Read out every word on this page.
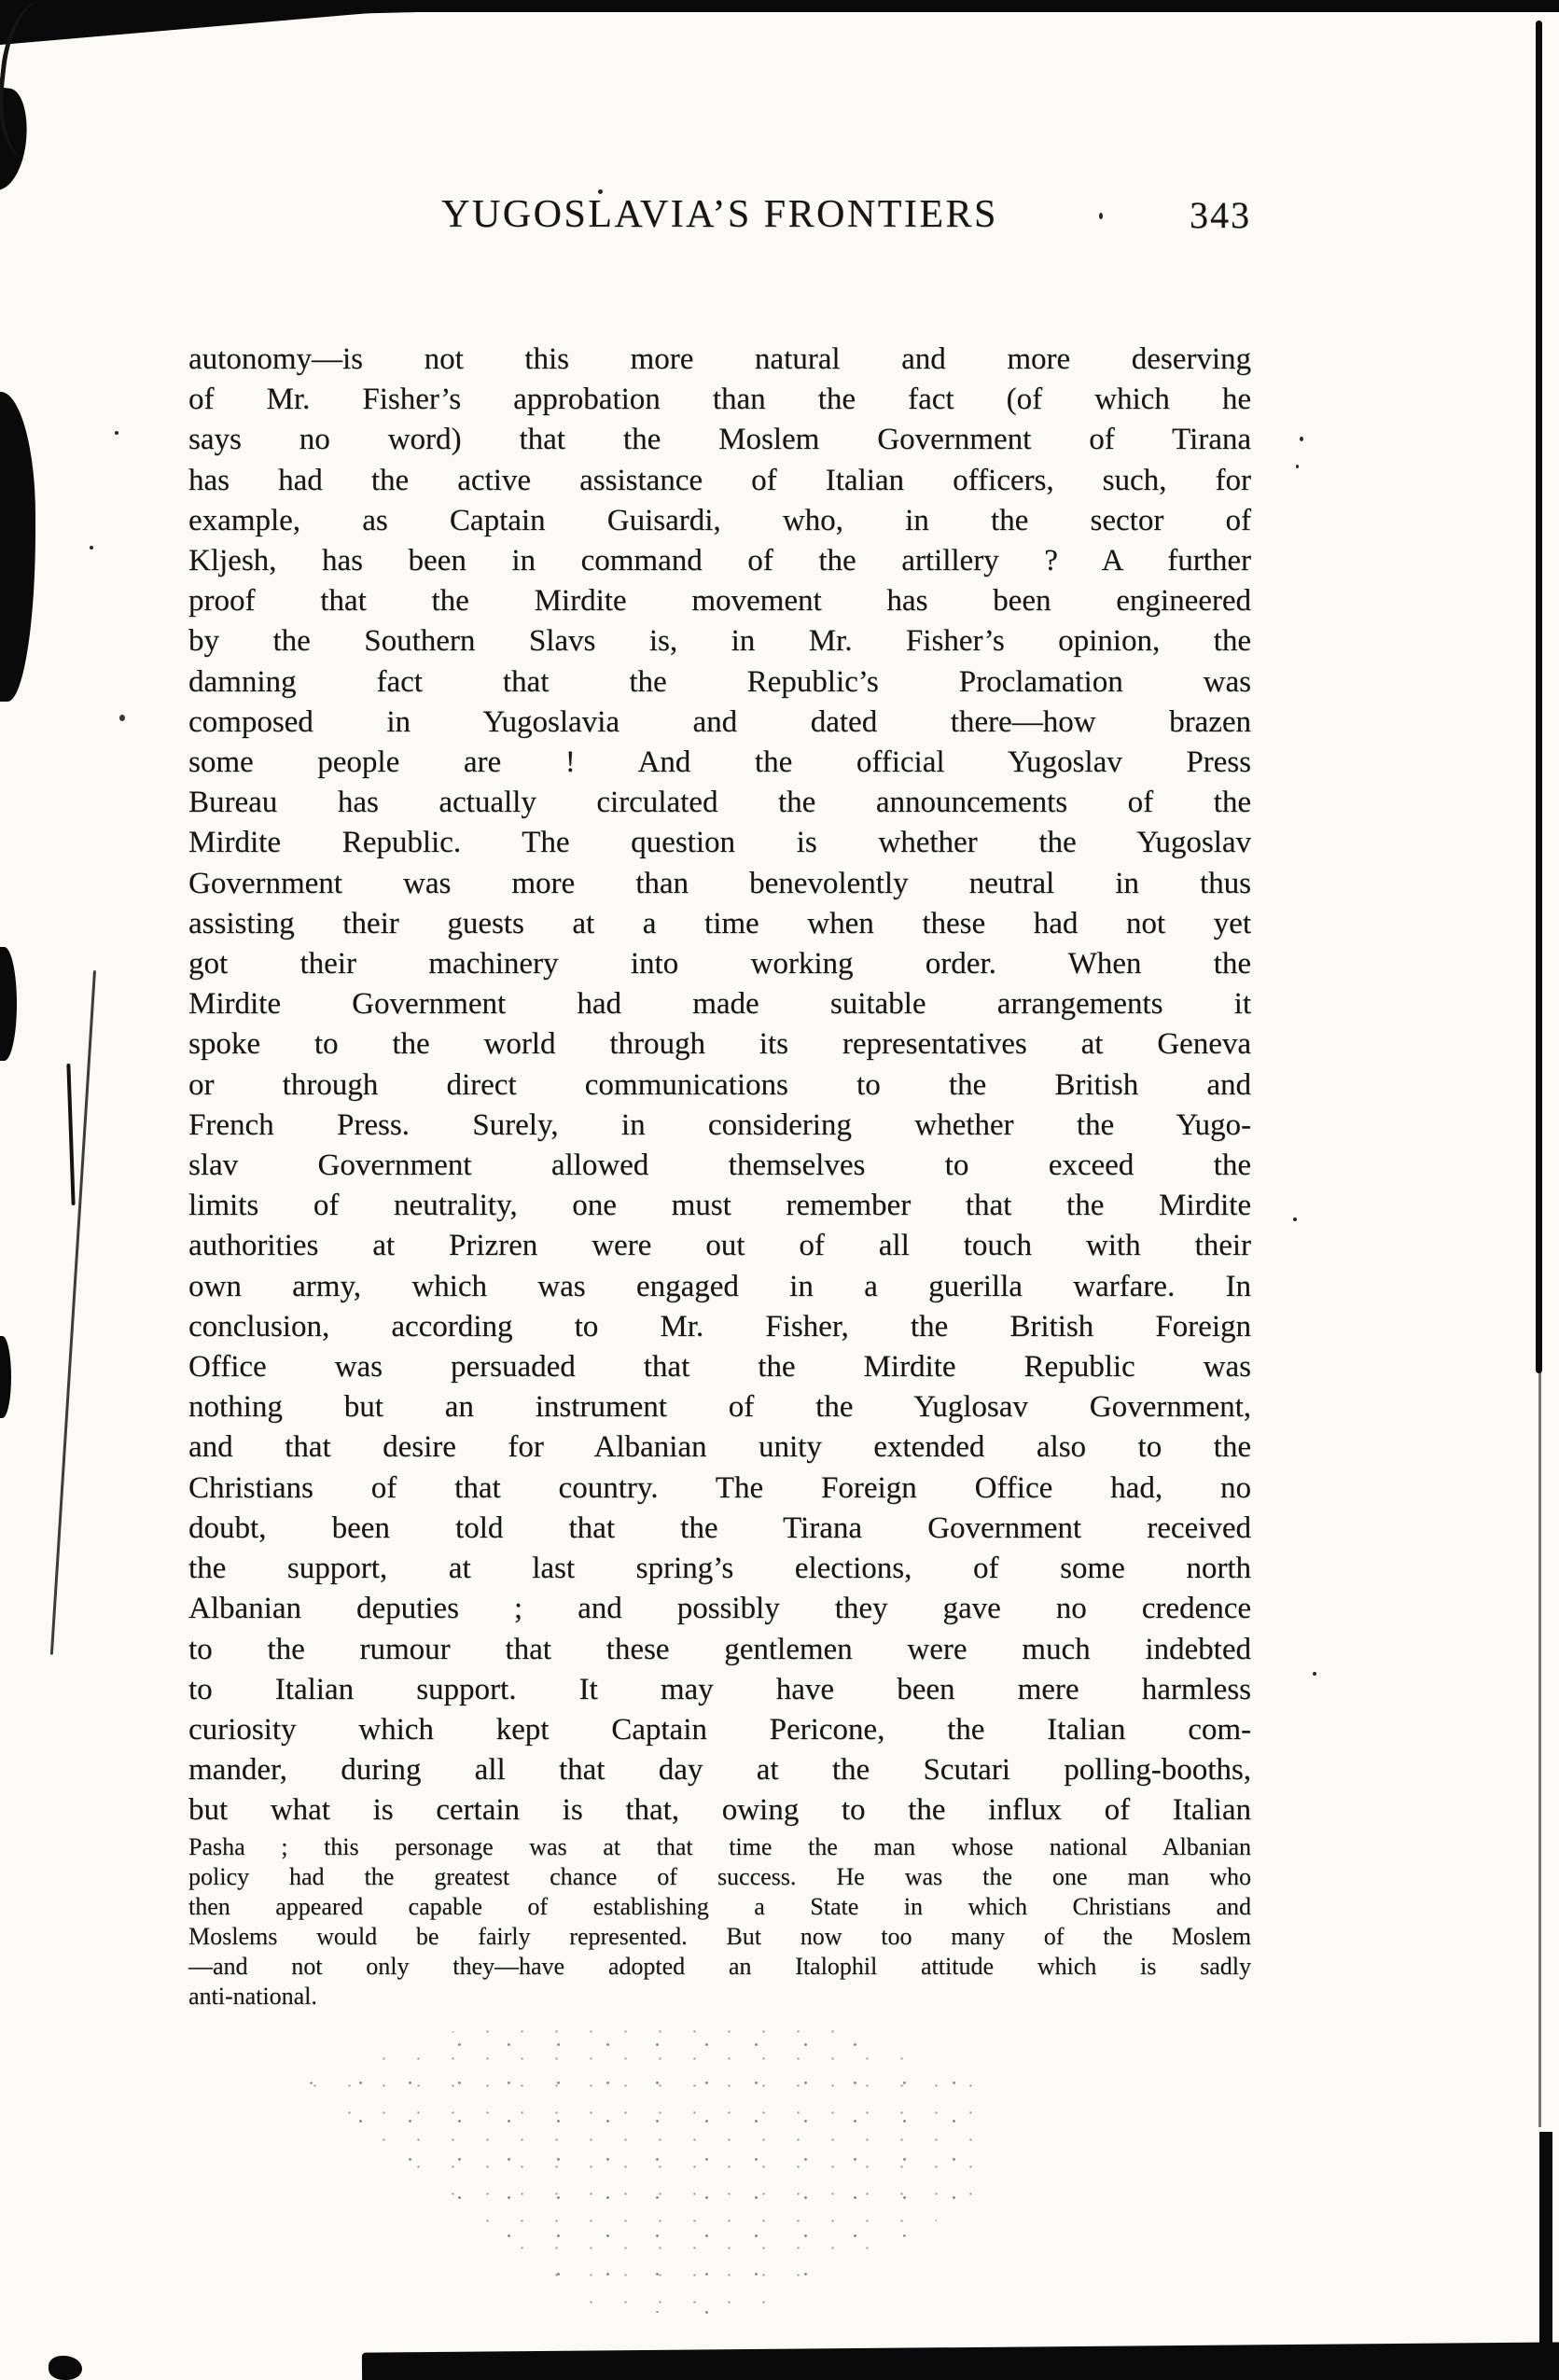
YUGOSLAVIA’S FRONTIERS	343
autonomy—is not this more natural and more deserving
of Mr. Fisher’s approbation than the fact (of which he
says no word) that the Moslem Government of Tirana
has had the active assistance of Italian officers, such, for
example, as Captain Guisardi, who, in the sector of
Kljesh, has been in command of the artillery ? A further
proof that the Mirdite movement has been engineered
by the Southern Slavs is, in Mr. Fisher’s opinion, the
damning fact that the Republic’s Proclamation was
composed in Yugoslavia and dated there—how brazen
some people are ! And the official Yugoslav Press
Bureau has actually circulated the announcements of the
Mirdite Republic. The question is whether the Yugoslav
Government was more than benevolently neutral in thus
assisting their guests at a time when these had not yet
got their machinery into working order. When the
Mirdite Government had made suitable arrangements it
spoke to the world through its representatives at Geneva
or through direct communications to the British and
French Press. Surely, in considering whether the Yugo-
slav Government allowed themselves to exceed the
limits of neutrality, one must remember that the Mirdite
authorities at Prizren were out of all touch with their
own army, which was engaged in a guerilla warfare. In
conclusion, according to Mr. Fisher, the British Foreign
Office was persuaded that the Mirdite Republic was
nothing but an instrument of the Yuglosav Government,
and that desire for Albanian unity extended also to the
Christians of that country. The Foreign Office had, no
doubt, been told that the Tirana Government received
the support, at last spring’s elections, of some north
Albanian deputies ; and possibly they gave no credence
to the rumour that these gentlemen were much indebted
to Italian support. It may have been mere harmless
curiosity which kept Captain Pericone, the Italian com-
mander, during all that day at the Scutari polling-booths,
but what is certain is that, owing to the influx of Italian
Pasha ; this personage was at that time the man whose national Albanian
policy had the greatest chance of success. He was the one man who
then appeared capable of establishing a State in which Christians and
Moslems would be fairly represented. But now too many of the Moslem
—and not only they—have adopted an Italophil attitude which is sadly
anti-national.
